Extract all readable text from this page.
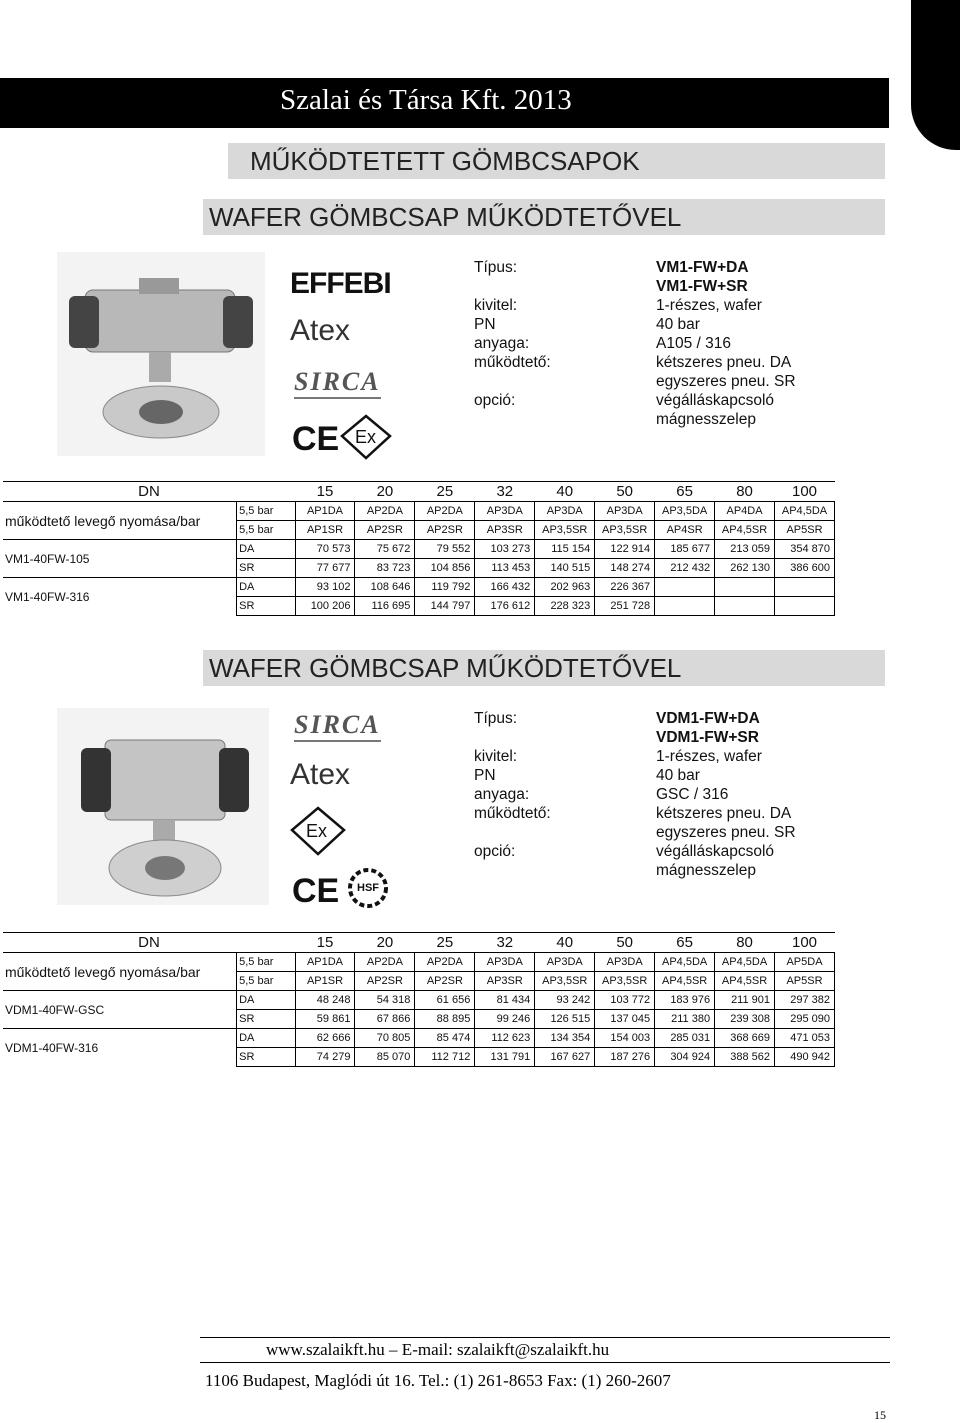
1
Szalai és Társa Kft. 2013
MŰKÖDTETETT GÖMBCSAPOK
WAFER GÖMBCSAP MŰKÖDTETŐVEL
EFFEBI
Atex
SIRCA
CE Ex
Típus:	VM1-FW+DA
VM1-FW+SR
kivitel:	1-részes, wafer
PN	40 bar
anyaga:	A105 / 316
működtető:	kétszeres pneu. DA
egyszeres pneu. SR
opció:	végálláskapcsoló
mágnesszelep
DN		15	20	25	32	40	50	65	80	100
működtető levegő nyomása/bar	5,5 bar	AP1DA	AP2DA	AP2DA	AP3DA	AP3DA	AP3DA	AP3,5DA	AP4DA	AP4,5DA
	5,5 bar	AP1SR	AP2SR	AP2SR	AP3SR	AP3,5SR	AP3,5SR	AP4SR	AP4,5SR	AP5SR
VM1-40FW-105	DA	70 573	75 672	79 552	103 273	115 154	122 914	185 677	213 059	354 870
	SR	77 677	83 723	104 856	113 453	140 515	148 274	212 432	262 130	386 600
VM1-40FW-316	DA	93 102	108 646	119 792	166 432	202 963	226 367			
	SR	100 206	116 695	144 797	176 612	228 323	251 728			
WAFER GÖMBCSAP MŰKÖDTETŐVEL
SIRCA
Atex
Ex
CE HSF
Típus:	VDM1-FW+DA
VDM1-FW+SR
kivitel:	1-részes, wafer
PN	40 bar
anyaga:	GSC / 316
működtető:	kétszeres pneu. DA
egyszeres pneu. SR
opció:	végálláskapcsoló
mágnesszelep
DN		15	20	25	32	40	50	65	80	100
működtető levegő nyomása/bar	5,5 bar	AP1DA	AP2DA	AP2DA	AP3DA	AP3DA	AP3DA	AP4,5DA	AP4,5DA	AP5DA
	5,5 bar	AP1SR	AP2SR	AP2SR	AP3SR	AP3,5SR	AP3,5SR	AP4,5SR	AP4,5SR	AP5SR
VDM1-40FW-GSC	DA	48 248	54 318	61 656	81 434	93 242	103 772	183 976	211 901	297 382
	SR	59 861	67 866	88 895	99 246	126 515	137 045	211 380	239 308	295 090
VDM1-40FW-316	DA	62 666	70 805	85 474	112 623	134 354	154 003	285 031	368 669	471 053
	SR	74 279	85 070	112 712	131 791	167 627	187 276	304 924	388 562	490 942
www.szalaikft.hu – E-mail: szalaikft@szalaikft.hu
1106 Budapest, Maglódi út 16. Tel.: (1) 261-8653 Fax: (1) 260-2607
15
